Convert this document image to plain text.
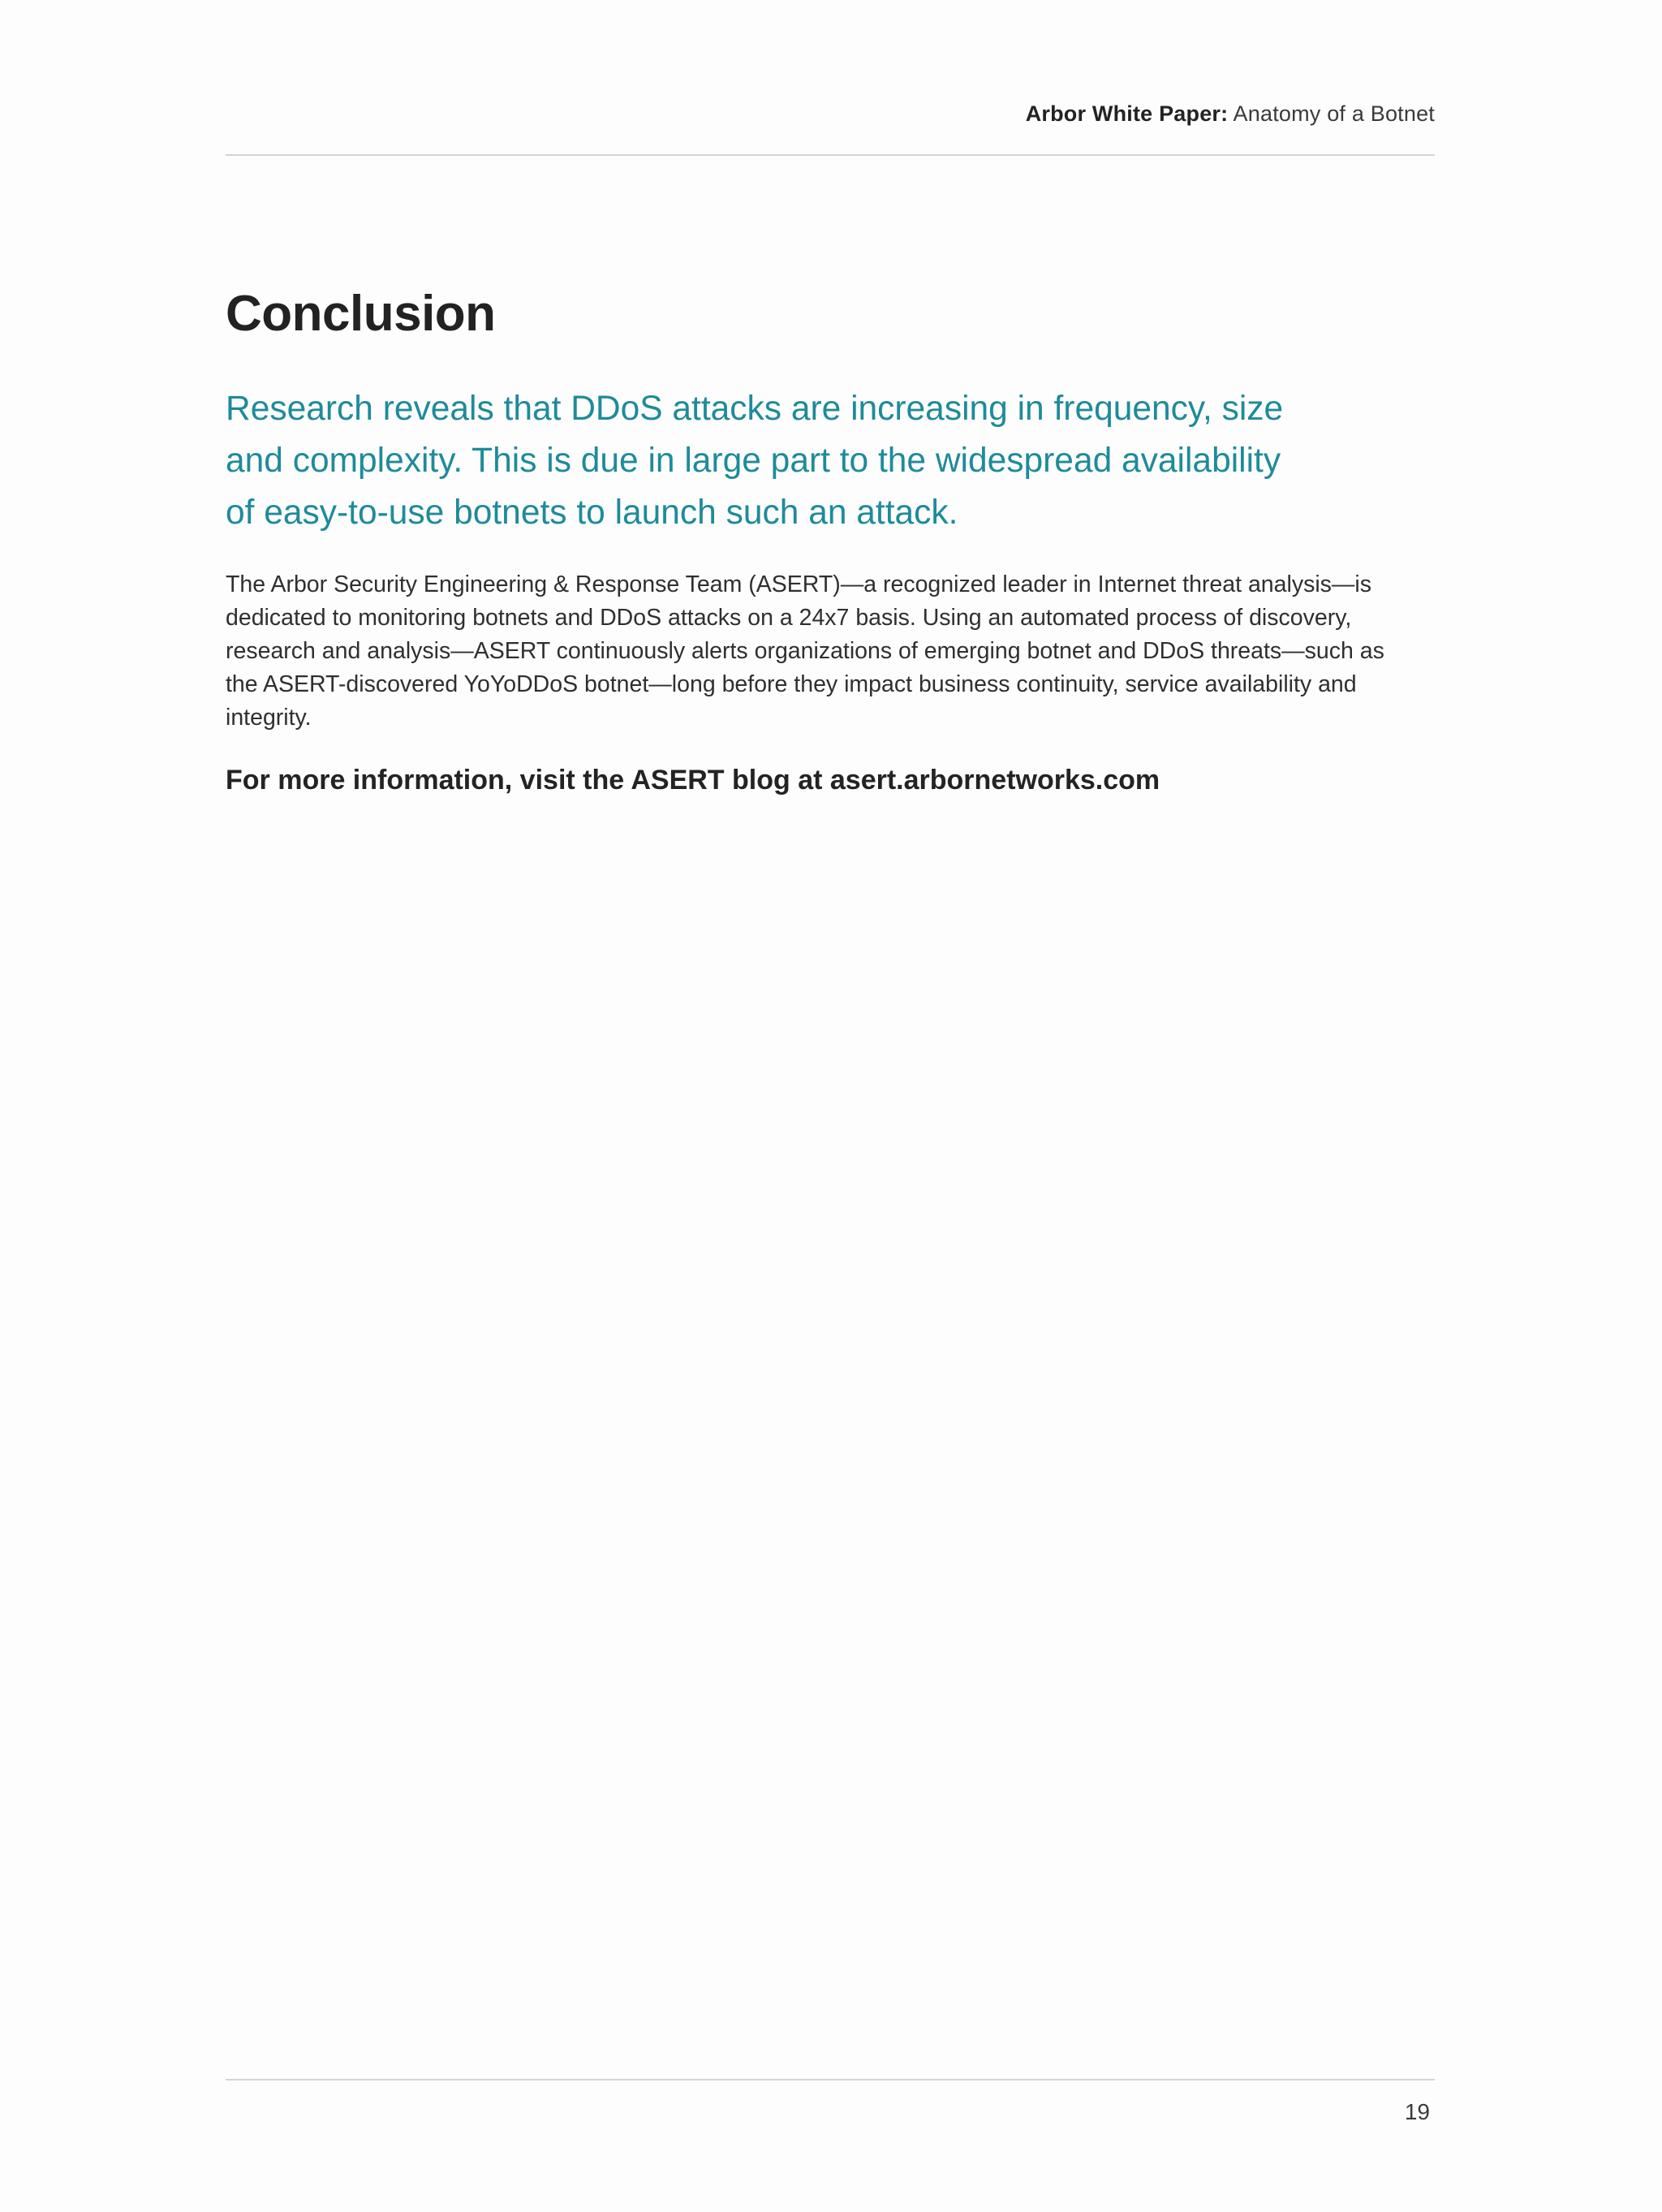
Arbor White Paper: Anatomy of a Botnet
Conclusion

Research reveals that DDoS attacks are increasing in frequency, size and complexity. This is due in large part to the widespread availability of easy-to-use botnets to launch such an attack.

The Arbor Security Engineering & Response Team (ASERT)—a recognized leader in Internet threat analysis—is dedicated to monitoring botnets and DDoS attacks on a 24x7 basis. Using an automated process of discovery, research and analysis—ASERT continuously alerts organizations of emerging botnet and DDoS threats—such as the ASERT-discovered YoYoDDoS botnet—long before they impact business continuity, service availability and integrity.

For more information, visit the ASERT blog at asert.arbornetworks.com

19
